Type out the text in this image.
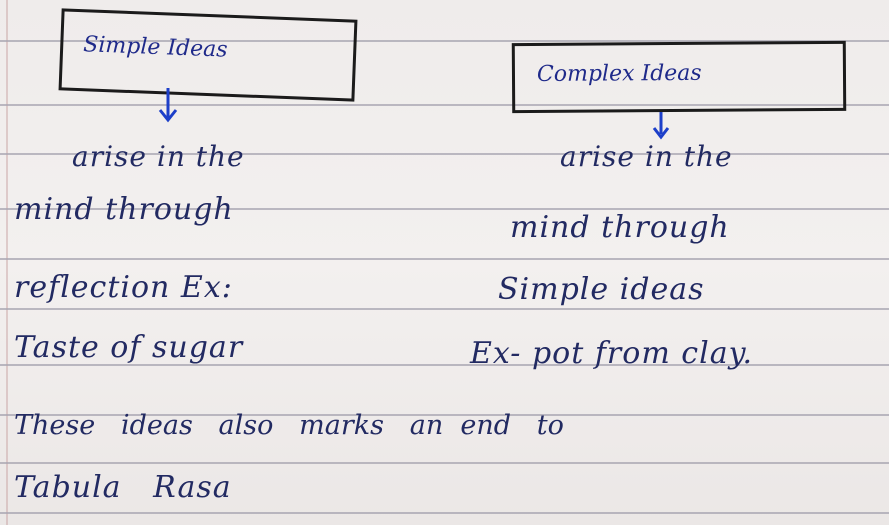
Simple Ideas
Complex Ideas
arise in the
mind through
reflection Ex:
Taste of sugar
arise in the
mind through
Simple ideas
Ex- pot from clay.
These   ideas   also   marks   an  end   to
Tabula   Rasa
